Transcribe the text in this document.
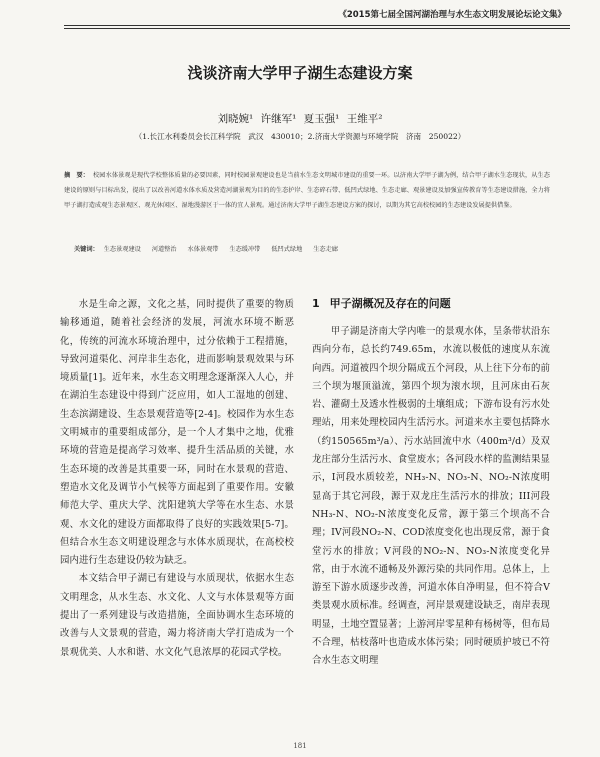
《2015第七届全国河湖治理与水生态文明发展论坛论文集》
浅谈济南大学甲子湖生态建设方案
刘晓婉¹ 许继军¹ 夏玉强¹ 王维平²
（1.长江水利委员会长江科学院　武汉　430010；2.济南大学资源与环境学院　济南　250022）
摘　要： 校园水体景观是现代学校整体质量的必要因素，同时校园景观建设也是当前水生态文明城市建设的重要一环。以济南大学甲子湖为例，结合甲子湖水生态现状，从生态建设的原则与目标出发，提出了以改善河道水体水质及营造河湖景观为目的的生态护岸、生态碎石带、低凹式绿地、生态走廊、观景建设及加强宣传教育等生态建设措施，全力将甲子湖打造成观生态景观区、观光休闲区、湿地漫游区于一体的宜人景观。通过济南大学甲子湖生态建设方案的探讨，以期为其它高校校园的生态建设发展提供借鉴。
关键词： 生态景观建设 河道整治 水体景观带 生态缓冲带 低凹式绿地 生态走廊

水是生命之源，文化之基，同时提供了重要的物质输移通道，随着社会经济的发展，河流水环境不断恶化，传统的河流水环境治理中，过分依赖于工程措施，导致河道渠化、河岸非生态化，进而影响景观效果与环境质量[1]。近年来，水生态文明理念逐渐深入人心，并在湖泊生态建设中得到广泛应用，如人工湿地的创建、生态滨湖建设、生态景观营造等[2-4]。校园作为水生态文明城市的重要组成部分，是一个人才集中之地，优雅环境的营造是提高学习效率、提升生活品质的关键，水生态环境的改善是其重要一环，同时在水景观的营造、塑造水文化及调节小气候等方面起到了重要作用。安徽师范大学、重庆大学、沈阳建筑大学等在水生态、水景观、水文化的建设方面都取得了良好的实践效果[5-7]。但结合水生态文明建设理念与水体水质现状，在高校校园内进行生态建设仍较为缺乏。

本文结合甲子湖已有建设与水质现状，依据水生态文明理念，从水生态、水文化、人文与水体景观等方面提出了一系列建设与改造措施，全面协调水生态环境的改善与人文景观的营造，竭力将济南大学打造成为一个景观优美、人水和谐、水文化气息浓厚的花园式学校。

1 甲子湖概况及存在的问题

甲子湖是济南大学内唯一的景观水体，呈条带状沿东西向分布，总长约749.65m，水流以极低的速度从东流向西。河道被四个坝分隔成五个河段，从上往下分布的前三个坝为堰顶溢流，第四个坝为滚水坝，且河床由石灰岩、灌砌土及透水性极弱的土壤组成；下游布设有污水处理站，用来处理校园内生活污水。河道来水主要包括降水（约150565m³/a）、污水站回流中水（400m³/d）及双龙庄部分生活污水、食堂废水；各河段水样的监测结果显示，I河段水质较差，NH₃-N、NO₃-N、NO₂-N浓度明显高于其它河段，源于双龙庄生活污水的排放；III河段NH₃-N、NO₂-N浓度变化反常，源于第三个坝高不合理；IV河段NO₂-N、COD浓度变化也出现反常，源于食堂污水的排放；V河段的NO₂-N、NO₃-N浓度变化异常，由于水流不通畅及外源污染的共同作用。总体上，上游至下游水质逐步改善，河道水体自净明显，但不符合V类景观水质标准。经调查，河岸景观建设缺乏，南岸表现明显，土地空置显著；上游河岸零星种有杨树等，但布局不合理，枯枝落叶也造成水体污染；同时硬质护坡已不符合水生态文明理

181
